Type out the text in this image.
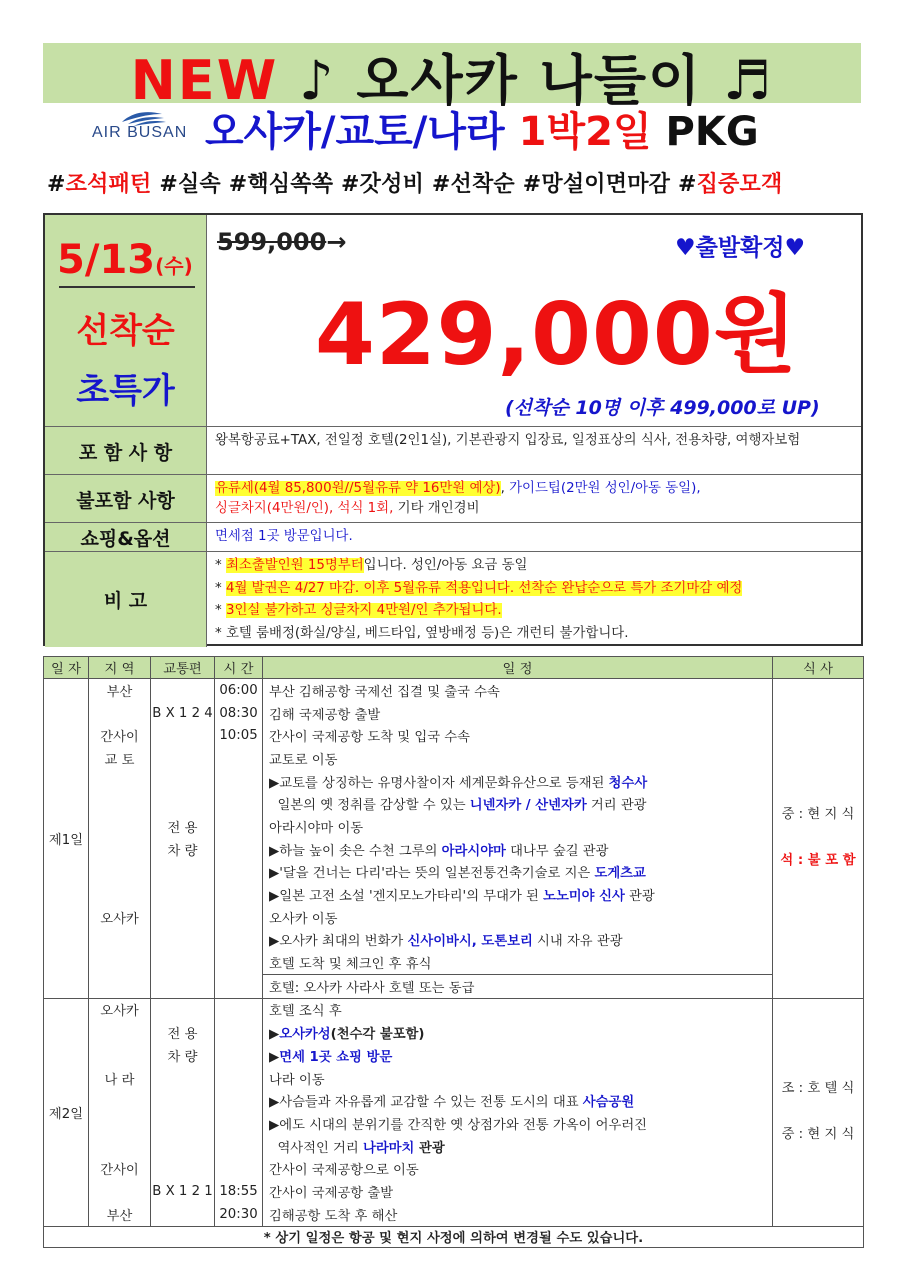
NEW ♪ 오사카 나들이 ♬
AIR BUSAN 오사카/교토/나라 1박2일 PKG
#조석패턴 #실속 #핵심쏙쏙 #갓성비 #선착순 #망설이면마감 #집중모객
5/13(수)
선착순
초특가
599,000→	♥출발확정♥
429,000원
(선착순 10명 이후 499,000로 UP)
포 함 사 항
왕복항공료+TAX, 전일정 호텔(2인1실), 기본관광지 입장료, 일정표상의 식사, 전용차량, 여행자보험
불포함 사항
유류세(4월 85,800원//5월유류 약 16만원 예상), 가이드팁(2만원 성인/아동 동일),
싱글차지(4만원/인), 석식 1회, 기타 개인경비
쇼핑&옵션	면세점 1곳 방문입니다.
비 고
* 최소출발인원 15명부터입니다. 성인/아동 요금 동일
* 4월 발권은 4/27 마감. 이후 5월유류 적용입니다. 선착순 완납순으로 특가 조기마감 예정
* 3인실 불가하고 싱글차지 4만원/인 추가됩니다.
* 호텔 룸배정(화실/양실, 베드타입, 옆방배정 등)은 개런티 불가합니다.
일 자	지 역	교통편	시 간	일 정	식 사
제1일	부산		06:00	부산 김해공항 국제선 집결 및 출국 수속	중 : 현 지 식
석 : 불 포 함

		B X 1 2 4	08:30	김해 국제공항 출발	
	간사이		10:05	간사이 국제공항 도착 및 입국 수속	
	교 토			교토로 이동	
				▶교토를 상징하는 유명사찰이자 세계문화유산으로 등재된 청수사	
				일본의 옛 정취를 감상할 수 있는 니넨자카 / 산넨자카 거리 관광	
		전 용		아라시야마 이동	
		차 량		▶하늘 높이 솟은 수천 그루의 아라시야마 대나무 숲길 관광	
				▶'달을 건너는 다리'라는 뜻의 일본전통건축기술로 지은 도게츠교	
				▶일본 고전 소설 '겐지모노가타리'의 무대가 된 노노미야 신사 관광	
	오사카			오사카 이동	
				▶오사카 최대의 번화가 신사이바시, 도톤보리 시내 자유 관광	
				호텔 도착 및 체크인 후 휴식	
				호텔: 오사카 사라사 호텔 또는 동급	
제2일	오사카			호텔 조식 후	조 : 호 텔 식
중 : 현 지 식

		전 용		▶오사카성(천수각 불포함)	
		차 량		▶면세 1곳 쇼핑 방문	
	나 라			나라 이동	
				▶사슴들과 자유롭게 교감할 수 있는 전통 도시의 대표 사슴공원	
				▶에도 시대의 분위기를 간직한 옛 상점가와 전통 가옥이 어우러진	
				역사적인 거리 나라마치 관광	
	간사이			간사이 국제공항으로 이동	
		B X 1 2 1	18:55	간사이 국제공항 출발	
	부산		20:30	김해공항 도착 후 해산	
* 상기 일정은 항공 및 현지 사정에 의하여 변경될 수도 있습니다.					
